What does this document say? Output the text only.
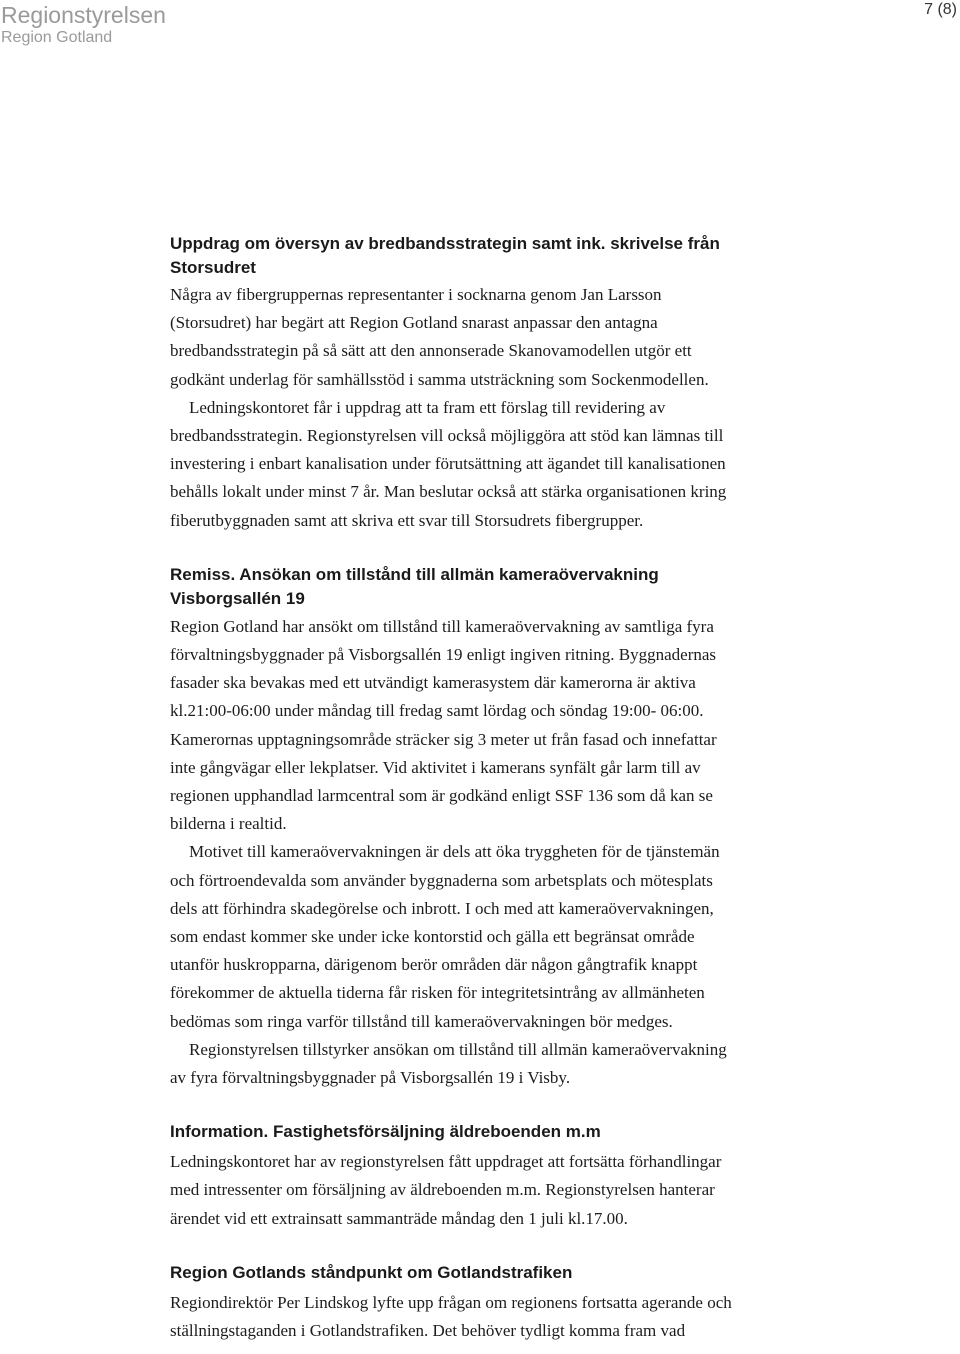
Regionstyrelsen
Region Gotland
7 (8)
Uppdrag om översyn av bredbandsstrategin samt ink. skrivelse från
Storsudret

Några av fibergruppernas representanter i socknarna genom Jan Larsson

(Storsudret) har begärt att Region Gotland snarast anpassar den antagna

bredbandsstrategin på så sätt att den annonserade Skanovamodellen utgör ett

godkänt underlag för samhällsstöd i samma utsträckning som Sockenmodellen.

Ledningskontoret får i uppdrag att ta fram ett förslag till revidering av

bredbandsstrategin. Regionstyrelsen vill också möjliggöra att stöd kan lämnas till

investering i enbart kanalisation under förutsättning att ägandet till kanalisationen

behålls lokalt under minst 7 år. Man beslutar också att stärka organisationen kring

fiberutbyggnaden samt att skriva ett svar till Storsudrets fibergrupper.

Remiss. Ansökan om tillstånd till allmän kameraövervakning
Visborgsallén 19

Region Gotland har ansökt om tillstånd till kameraövervakning av samtliga fyra

förvaltningsbyggnader på Visborgsallén 19 enligt ingiven ritning. Byggnadernas

fasader ska bevakas med ett utvändigt kamerasystem där kamerorna är aktiva

kl.21:00-06:00 under måndag till fredag samt lördag och söndag 19:00- 06:00.

Kamerornas upptagningsområde sträcker sig 3 meter ut från fasad och innefattar

inte gångvägar eller lekplatser. Vid aktivitet i kamerans synfält går larm till av

regionen upphandlad larmcentral som är godkänd enligt SSF 136 som då kan se

bilderna i realtid.

Motivet till kameraövervakningen är dels att öka tryggheten för de tjänstemän

och förtroendevalda som använder byggnaderna som arbetsplats och mötesplats

dels att förhindra skadegörelse och inbrott. I och med att kameraövervakningen,

som endast kommer ske under icke kontorstid och gälla ett begränsat område

utanför huskropparna, därigenom berör områden där någon gångtrafik knappt

förekommer de aktuella tiderna får risken för integritetsintrång av allmänheten

bedömas som ringa varför tillstånd till kameraövervakningen bör medges.

Regionstyrelsen tillstyrker ansökan om tillstånd till allmän kameraövervakning

av fyra förvaltningsbyggnader på Visborgsallén 19 i Visby.

Information. Fastighetsförsäljning äldreboenden m.m

Ledningskontoret har av regionstyrelsen fått uppdraget att fortsätta förhandlingar

med intressenter om försäljning av äldreboenden m.m. Regionstyrelsen hanterar

ärendet vid ett extrainsatt sammanträde måndag den 1 juli kl.17.00.

Region Gotlands ståndpunkt om Gotlandstrafiken

Regiondirektör Per Lindskog lyfte upp frågan om regionens fortsatta agerande och

ställningstaganden i Gotlandstrafiken. Det behöver tydligt komma fram vad
